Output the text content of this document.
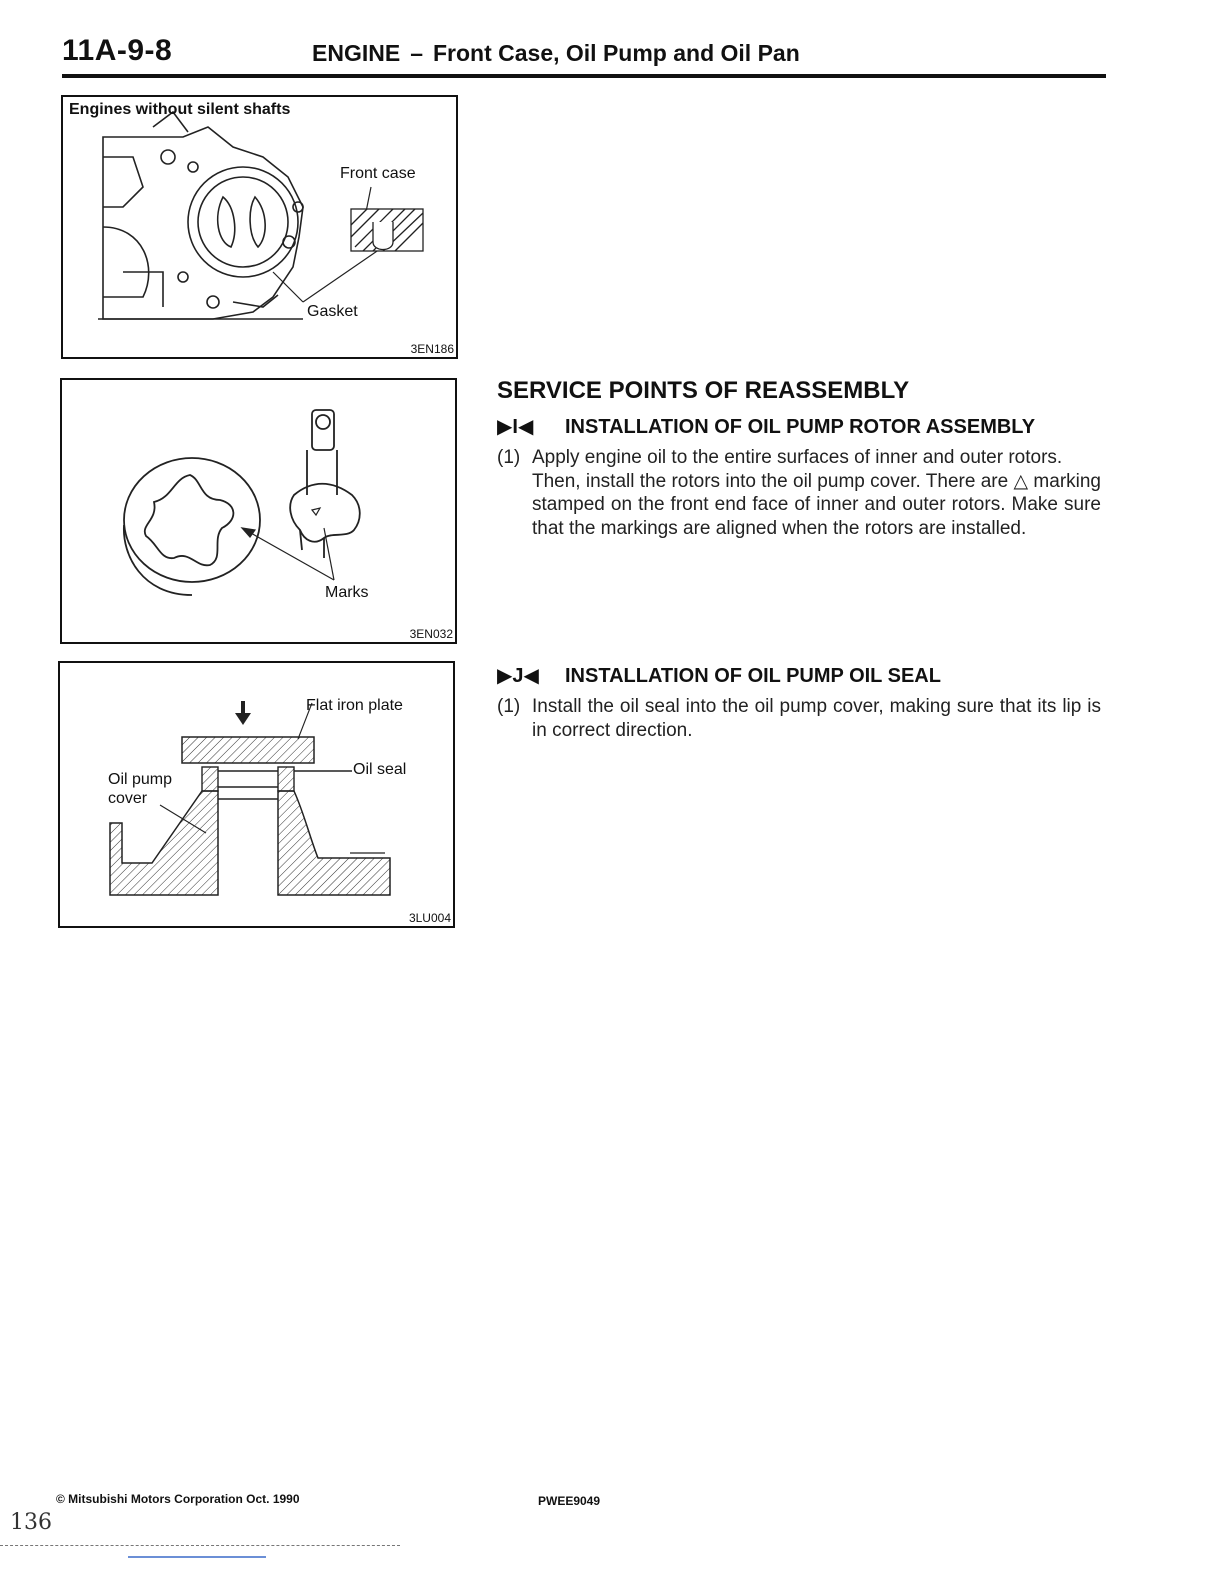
11A-9-8	ENGINE – Front Case, Oil Pump and Oil Pan
Engines without silent shafts
Front case
Gasket
3EN186
Marks
3EN032
Flat iron plate
Oil seal
Oil pump
cover
3LU004
SERVICE POINTS OF REASSEMBLY
▶I◀ INSTALLATION OF OIL PUMP ROTOR ASSEMBLY
(1) Apply engine oil to the entire surfaces of inner and outer rotors.
Then, install the rotors into the oil pump cover. There are △ marking stamped on the front end face of inner and outer rotors. Make sure that the markings are aligned when the rotors are installed.
▶J◀ INSTALLATION OF OIL PUMP OIL SEAL
(1) Install the oil seal into the oil pump cover, making sure that its lip is in correct direction.
© Mitsubishi Motors Corporation Oct. 1990	PWEE9049
136
